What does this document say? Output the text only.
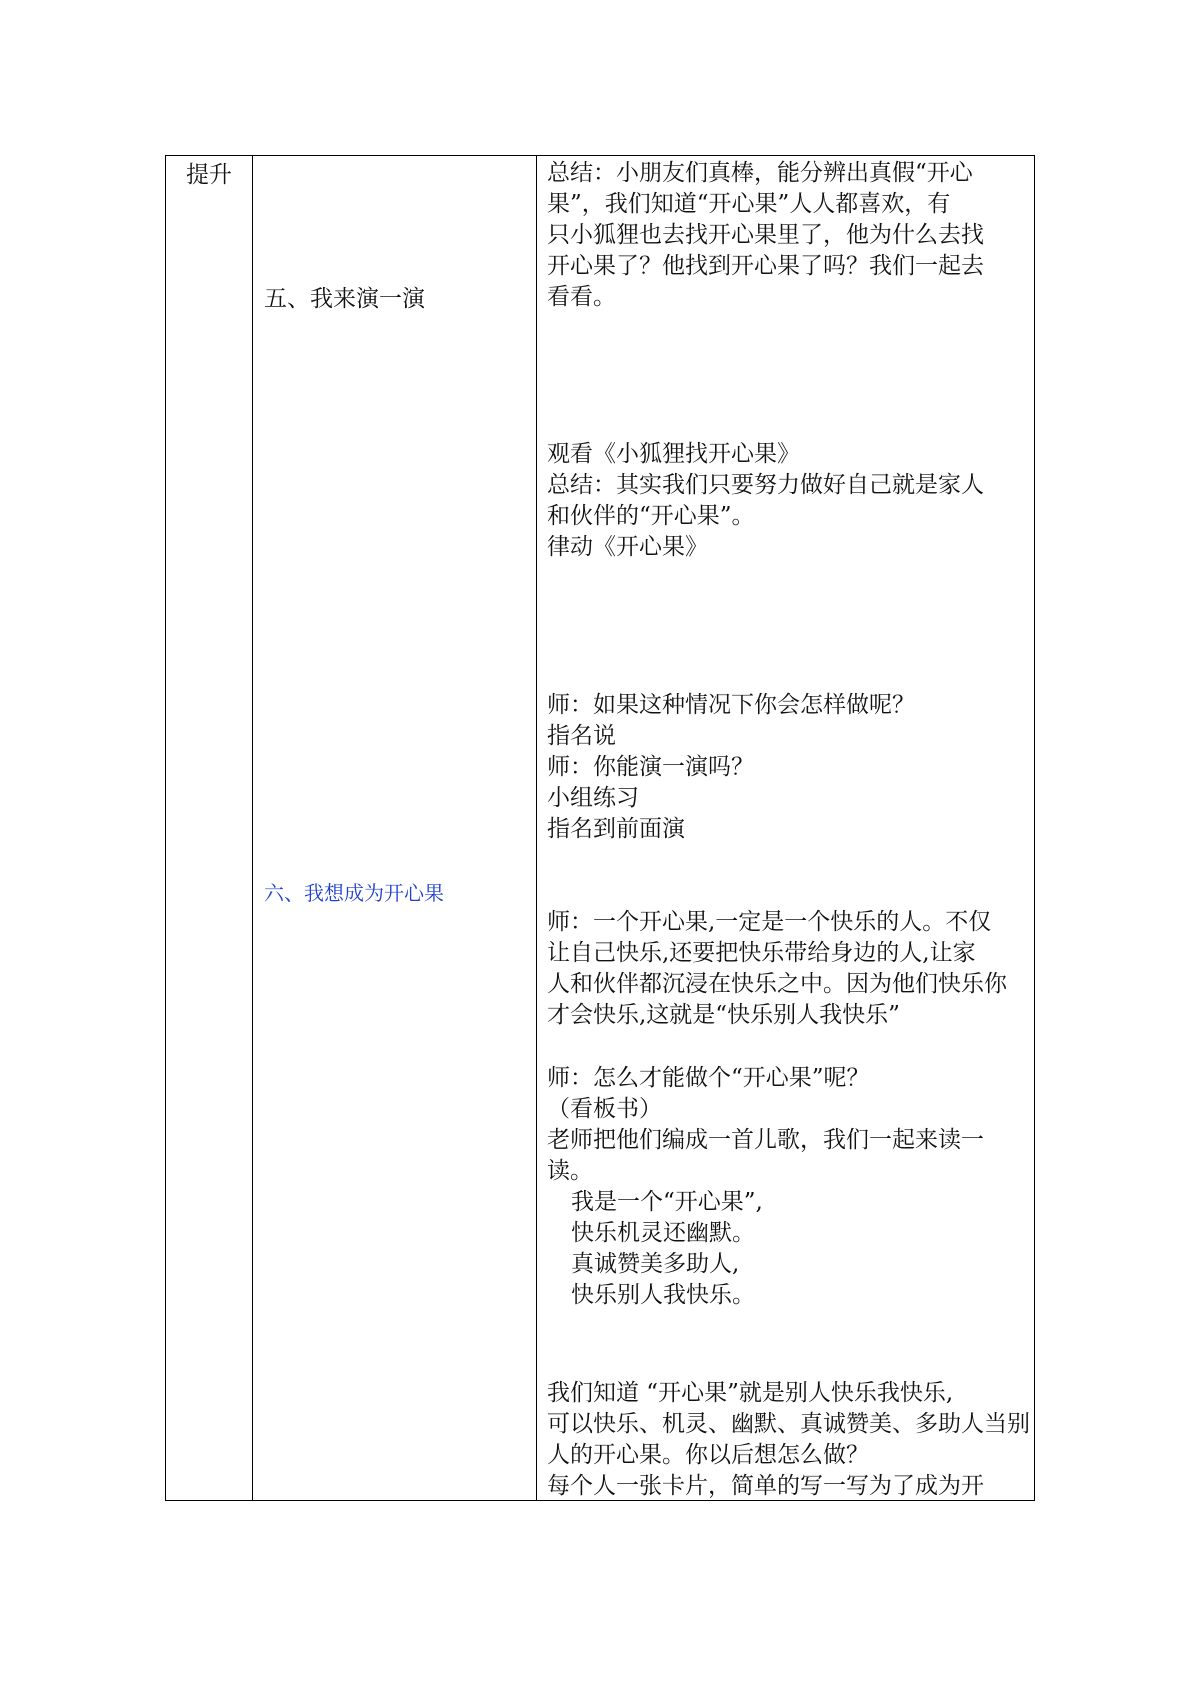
提升
五、我来演一演
六、我想成为开心果
总结：小朋友们真棒，能分辨出真假“开心
果”，我们知道“开心果”人人都喜欢，有
只小狐狸也去找开心果里了，他为什么去找
开心果了？他找到开心果了吗？我们一起去
看看。
观看《小狐狸找开心果》
总结：其实我们只要努力做好自己就是家人
和伙伴的“开心果”。
律动《开心果》
师：如果这种情况下你会怎样做呢？
指名说
师：你能演一演吗？
小组练习
指名到前面演
师：一个开心果,一定是一个快乐的人。不仅
让自己快乐,还要把快乐带给身边的人,让家
人和伙伴都沉浸在快乐之中。因为他们快乐你
才会快乐,这就是“快乐别人我快乐”
师：怎么才能做个“开心果”呢？
（看板书）
老师把他们编成一首儿歌，我们一起来读一
读。
我是一个“开心果”,
快乐机灵还幽默。
真诚赞美多助人,
快乐别人我快乐。
我们知道 “开心果”就是别人快乐我快乐,
可以快乐、机灵、幽默、真诚赞美、多助人当别
人的开心果。你以后想怎么做？
每个人一张卡片，简单的写一写为了成为开
